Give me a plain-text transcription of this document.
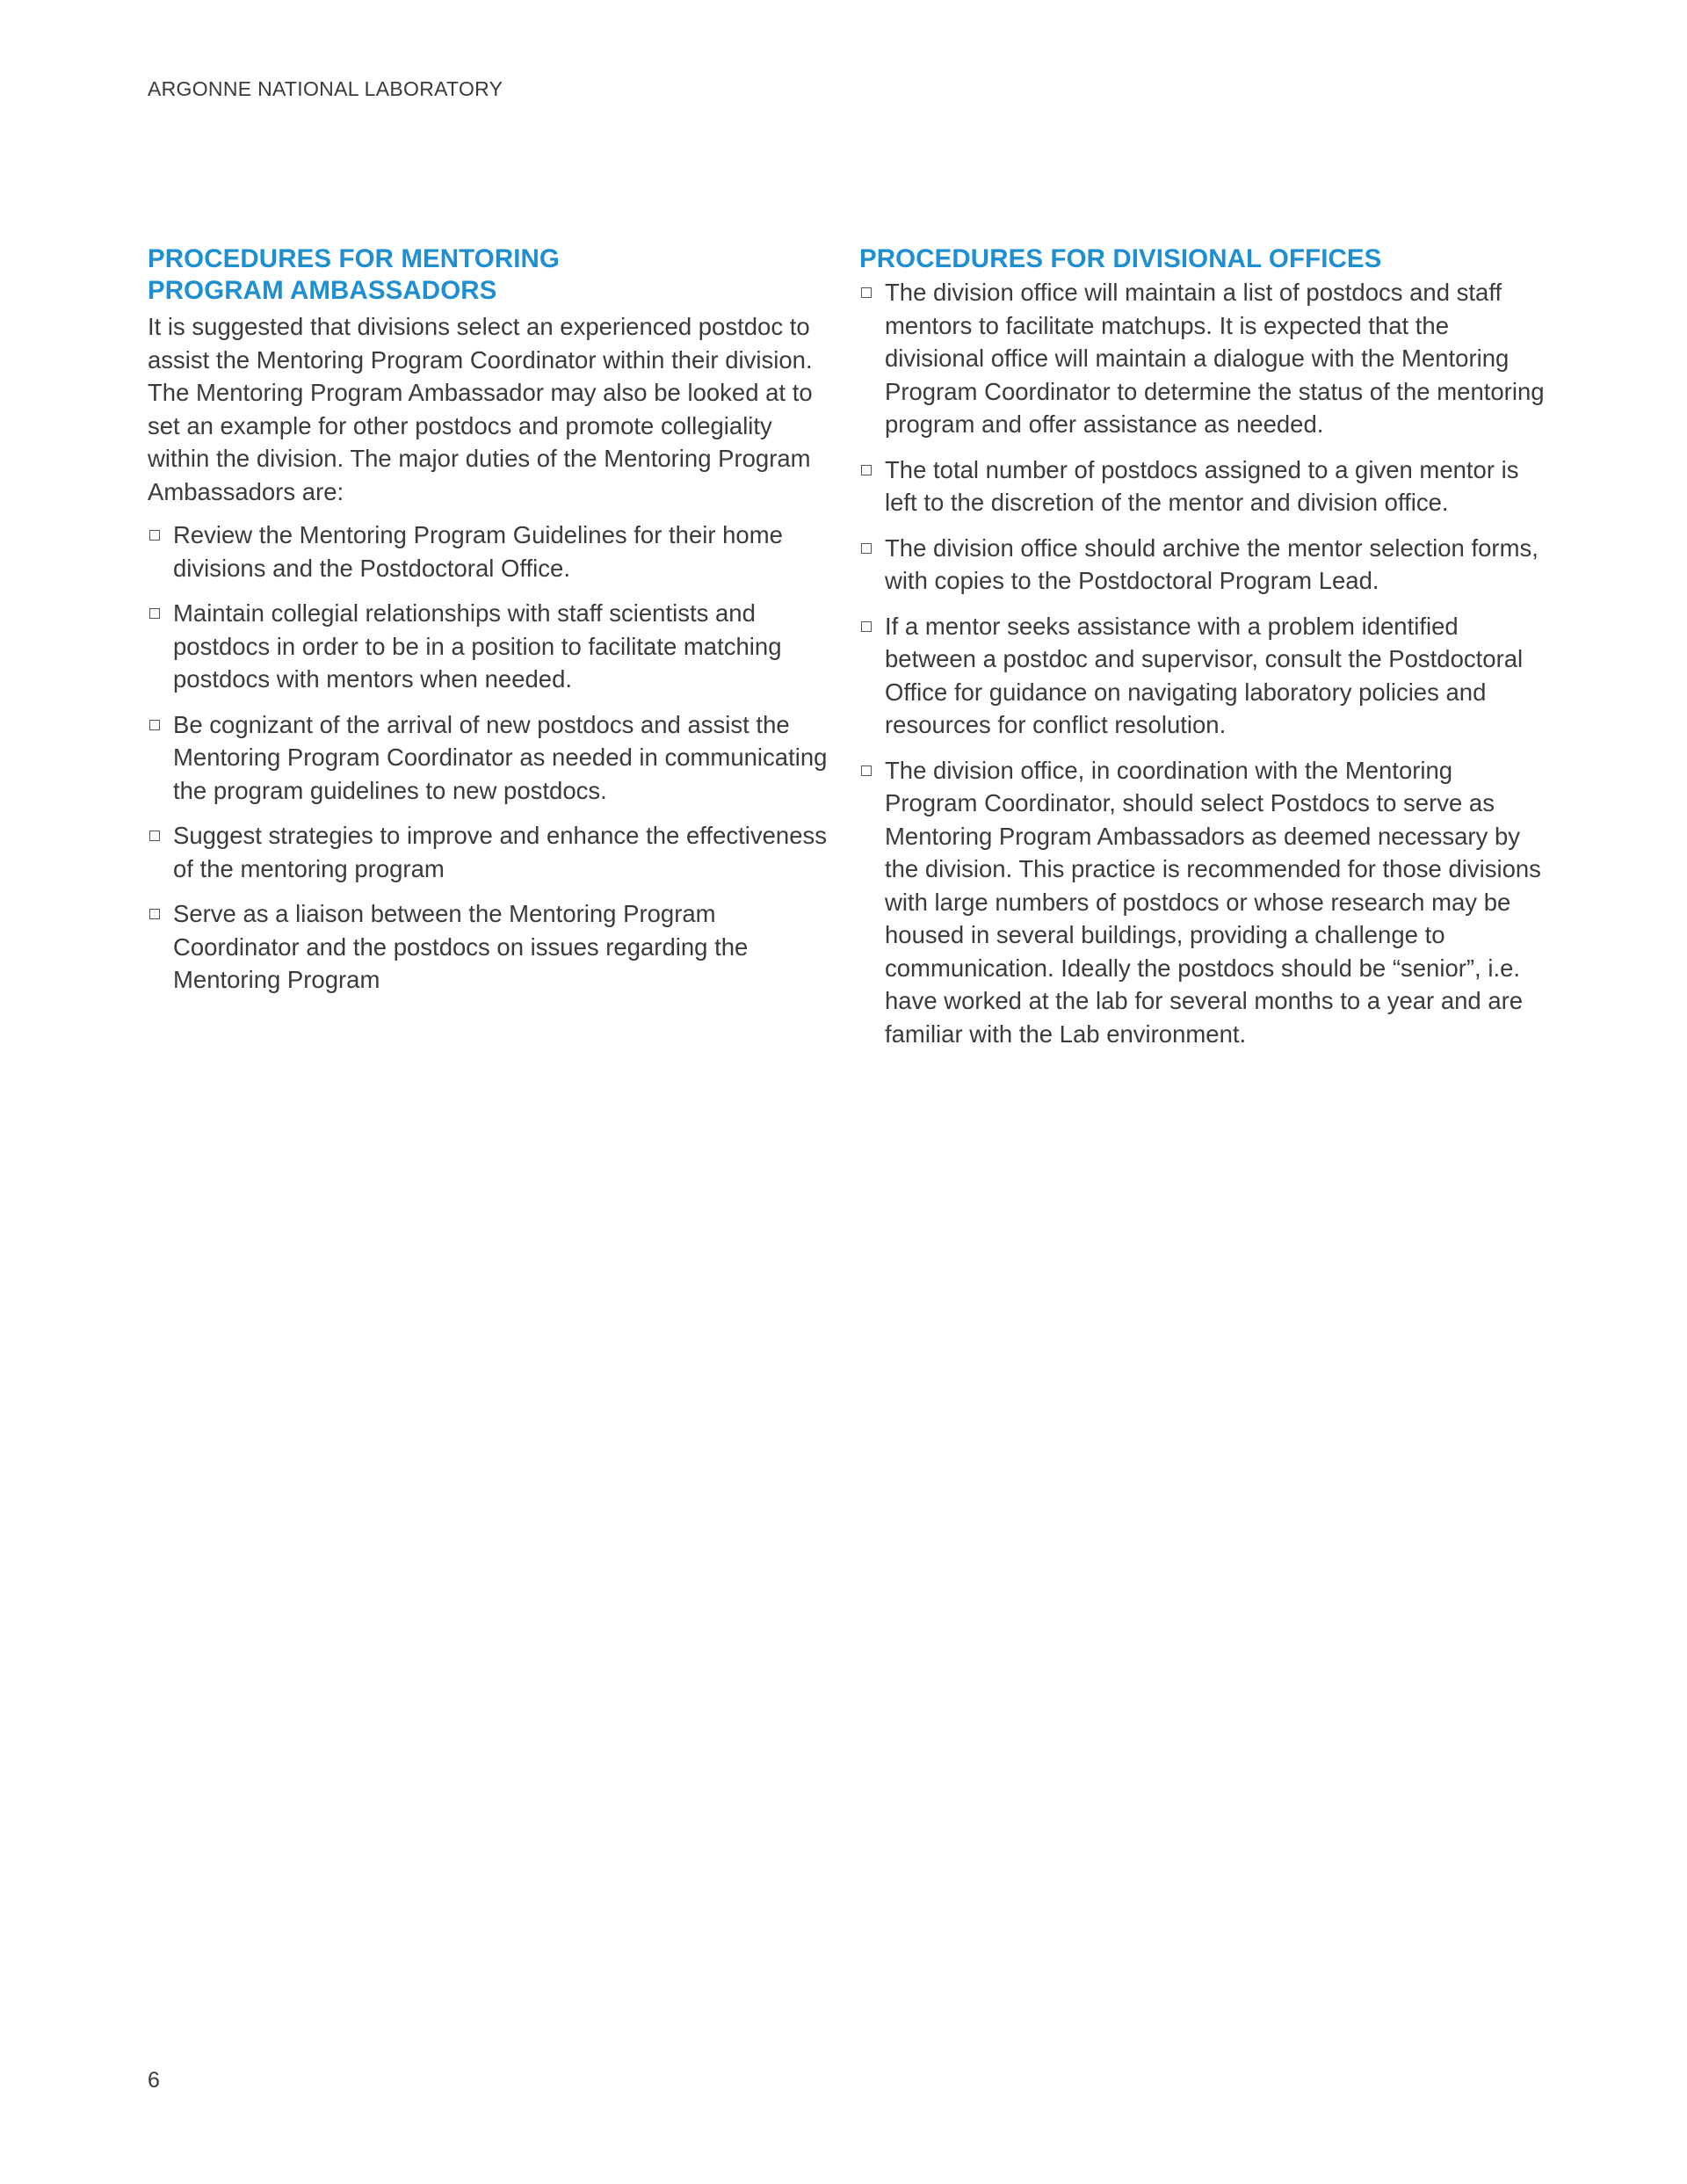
ARGONNE NATIONAL LABORATORY
PROCEDURES FOR MENTORING
PROGRAM AMBASSADORS

It is suggested that divisions select an experienced postdoc to assist the Mentoring Program Coordinator within their division. The Mentoring Program Ambassador may also be looked at to set an example for other postdocs and promote collegiality within the division. The major duties of the Mentoring Program Ambassadors are:

Review the Mentoring Program Guidelines for their home divisions and the Postdoctoral Office.
Maintain collegial relationships with staff scientists and postdocs in order to be in a position to facilitate matching postdocs with mentors when needed.
Be cognizant of the arrival of new postdocs and assist the Mentoring Program Coordinator as needed in communicating the program guidelines to new postdocs.
Suggest strategies to improve and enhance the effectiveness of the mentoring program
Serve as a liaison between the Mentoring Program Coordinator and the postdocs on issues regarding the Mentoring Program
PROCEDURES FOR DIVISIONAL OFFICES
The division office will maintain a list of postdocs and staff mentors to facilitate matchups. It is expected that the divisional office will maintain a dialogue with the Mentoring Program Coordinator to determine the status of the mentoring program and offer assistance as needed.
The total number of postdocs assigned to a given mentor is left to the discretion of the mentor and division office.
The division office should archive the mentor selection forms, with copies to the Postdoctoral Program Lead.
If a mentor seeks assistance with a problem identified between a postdoc and supervisor, consult the Postdoctoral Office for guidance on navigating laboratory policies and resources for conflict resolution.
The division office, in coordination with the Mentoring Program Coordinator, should select Postdocs to serve as Mentoring Program Ambassadors as deemed necessary by the division. This practice is recommended for those divisions with large numbers of postdocs or whose research may be housed in several buildings, providing a challenge to communication. Ideally the postdocs should be “senior”, i.e. have worked at the lab for several months to a year and are familiar with the Lab environment.
6
